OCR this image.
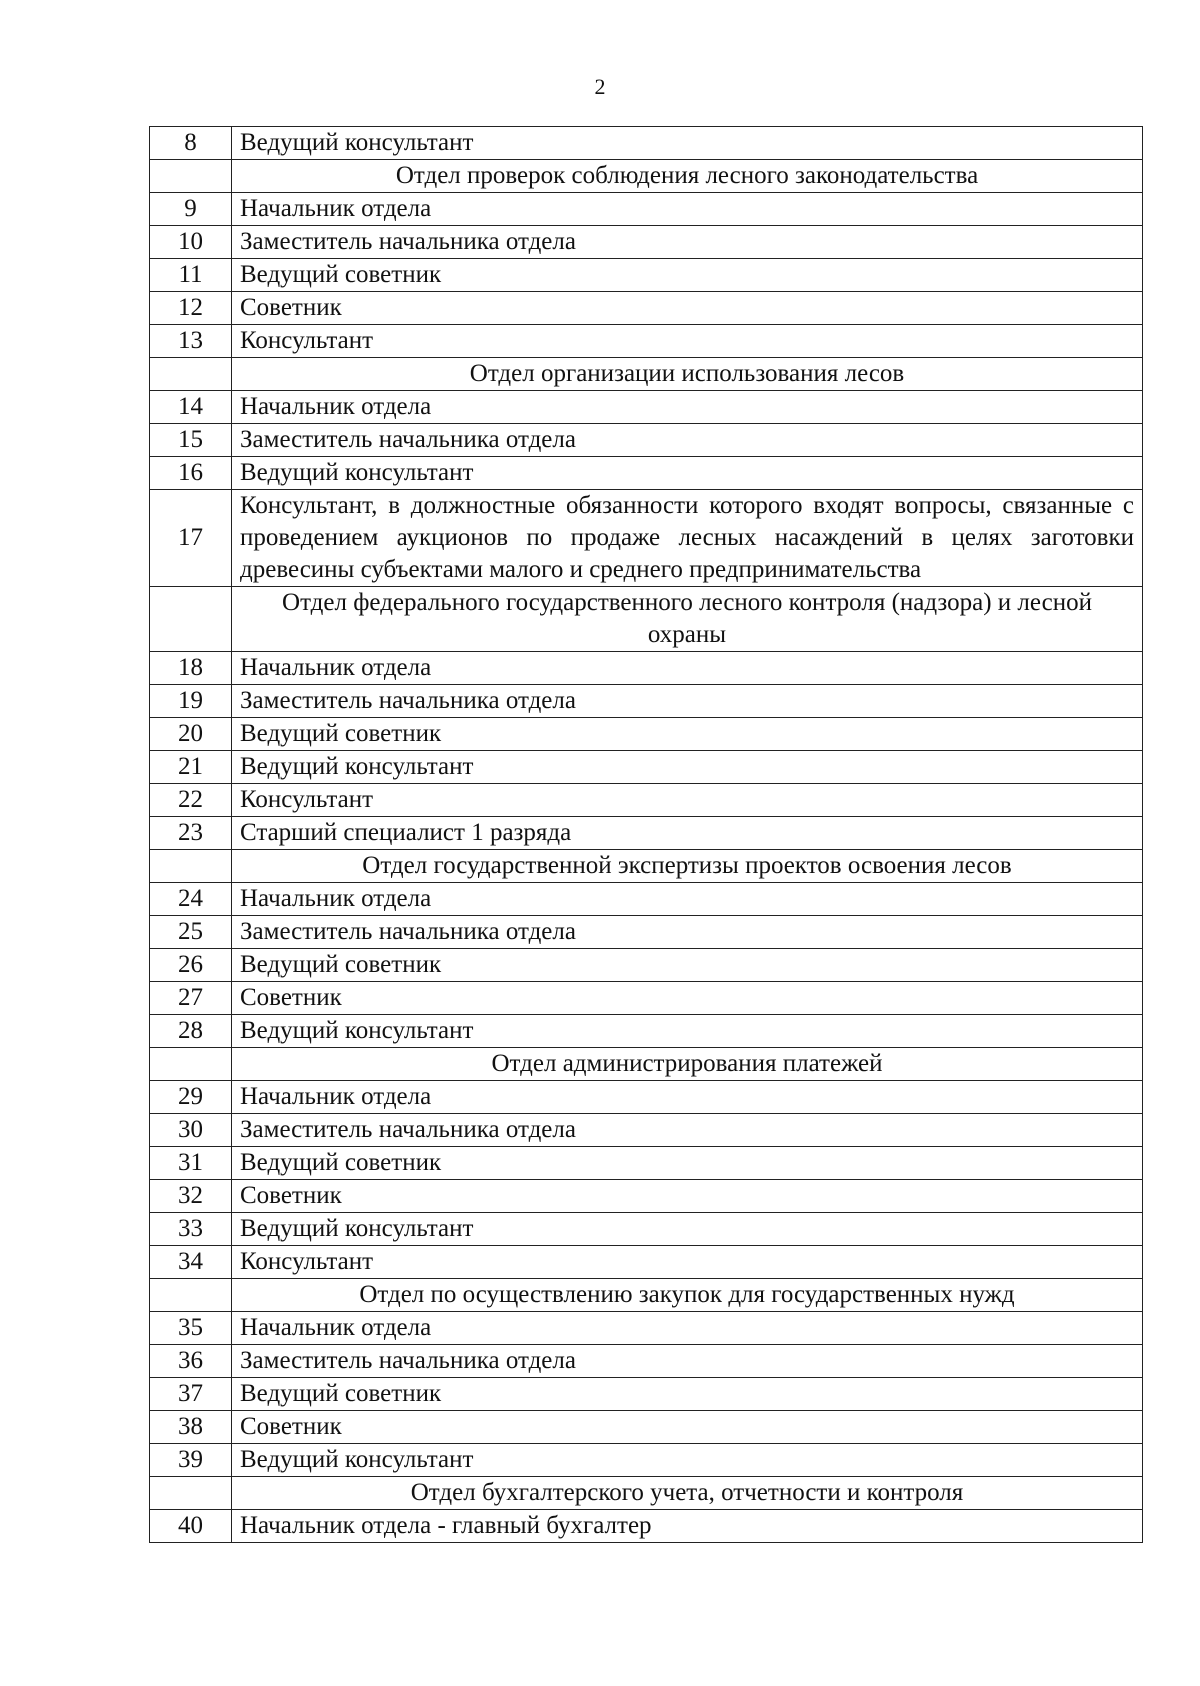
2
8	Ведущий консультант
	Отдел проверок соблюдения лесного законодательства
9	Начальник отдела
10	Заместитель начальника отдела
11	Ведущий советник
12	Советник
13	Консультант
	Отдел организации использования лесов
14	Начальник отдела
15	Заместитель начальника отдела
16	Ведущий консультант
17	Консультант, в должностные обязанности которого входят вопросы, связанные с проведением аукционов по продаже лесных насаждений в целях заготовки древесины субъектами малого и среднего предпринимательства
	Отдел федерального государственного лесного контроля (надзора) и лесной охраны
18	Начальник отдела
19	Заместитель начальника отдела
20	Ведущий советник
21	Ведущий консультант
22	Консультант
23	Старший специалист 1 разряда
	Отдел государственной экспертизы проектов освоения лесов
24	Начальник отдела
25	Заместитель начальника отдела
26	Ведущий советник
27	Советник
28	Ведущий консультант
	Отдел администрирования платежей
29	Начальник отдела
30	Заместитель начальника отдела
31	Ведущий советник
32	Советник
33	Ведущий консультант
34	Консультант
	Отдел по осуществлению закупок для государственных нужд
35	Начальник отдела
36	Заместитель начальника отдела
37	Ведущий советник
38	Советник
39	Ведущий консультант
	Отдел бухгалтерского учета, отчетности и контроля
40	Начальник отдела - главный бухгалтер
